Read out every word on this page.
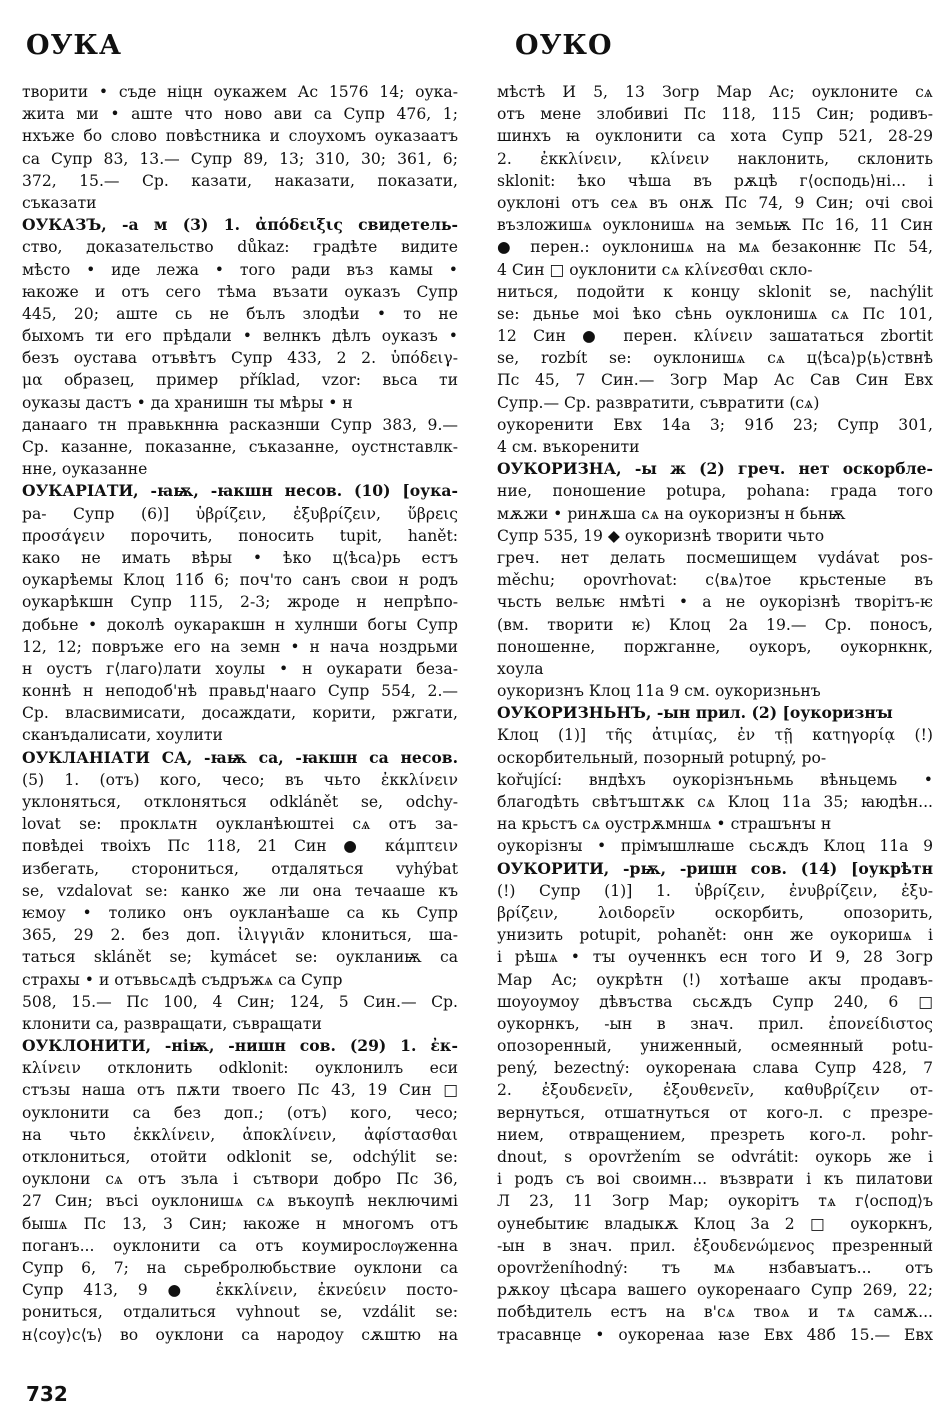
ОУКА	ОУКО
творити • съде ніцн оукажем Ас 1576 14; оука-
жита ми • аште что ново ави са Супр 476, 1;
нхъже бо слово повѣстника и слоухомъ оуказаатъ
са Супр 83, 13.— Супр 89, 13; 310, 30; 361, 6;
372, 15.— Ср. казати, наказати, показати,
съказати
ОУКАЗЪ, -а м (3) 1. ἀπόδειξις свидетель-
ство, доказательство důkaz: градѣте видите
мѣсто • иде лежа • того ради въз камы •
ꙗкоже и отъ сего тѣма възати оуказъ Супр
445, 20; аште сь не бълъ злодѣи • то не
быхомъ ти его прѣдали • велнкъ дѣлъ оуказъ •
безъ оустава отъвѣтъ Супр 433, 2 2. ὑπόδειγ-
μα образец, пример příklad, vzor: вьса ти
оуказы дастъ • да хранишн ты мѣры • н
данааго тн правькннꙗ расказнши Супр 383, 9.—
Ср. казанне, показанне, съказанне, оустнставлк-
нне, оуказанне
ОУКАРІАТИ, -ꙗѭ, -ꙗкшн несов. (10) [оука-
ра- Супр (6)] ὑβρίζειν, ἐξυβρίζειν, ὕβρεις
προσάγειν порочить, поносить tupit, hanět:
како не имать вѣры • ѣко ц⟨ѣса⟩рь естъ
оукарѣемы Клоц 11б 6; поч'то санъ свои н родъ
оукарѣкшн Супр 115, 2-3; жроде н непрѣпо-
добьне • доколѣ оукаракшн н хулнши богы Супр
12, 12; повръже его на земн • н нача ноздрьми
н оустъ г⟨лаго⟩лати хоулы • н оукарати беза-
коннѣ н неподоб'нѣ правьд'нааго Супр 554, 2.—
Ср. власвимисати, досаждати, корити, ржгати,
сканъдалисати, хоулити
ОУКЛАНІАТИ СА, -ꙗѭ са, -ꙗкшн са несов.
(5) 1. (отъ) кого, чесо; въ чьто ἐκκλίνειν
уклоняться, отклоняться odklánět se, odchy-
lovat se: проклѧтн оукланѣюштеі сѧ отъ за-
повѣдеі твоіхъ Пс 118, 21 Син ● κάμπτειν
избегать, сторониться, отдаляться vyhýbat
se, vzdalovat se: канко же ли она течааше къ
ѥмоу • толико онъ оукланѣаше са кь Супр
365, 29 2. без доп. ἰλιγγιᾶν клониться, ша-
таться sklánět se; kymácet se: оукланиѭ са
страхы • и отъвьсѧдѣ съдръжѧ са Супр
508, 15.— Пс 100, 4 Син; 124, 5 Син.— Ср.
клонити са, развращати, съвращати
ОУКЛОНИТИ, -ніѭ, -нишн сов. (29) 1. ἐκ-
κλίνειν отклонить odklonit: оуклонилъ еси
стъзы наша отъ пѫти твоего Пс 43, 19 Син □
оуклонити са без доп.; (отъ) кого, чесо;
на чьто ἐκκλίνειν, ἀποκλίνειν, ἀφίστασθαι
отклониться, отойти odklonit se, odchýlit se:
оуклони сѧ отъ зъла і сътвори добро Пс 36,
27 Син; въсі оуклонишѧ сѧ въкоупѣ неключимі
бышѧ Пс 13, 3 Син; ꙗкоже н многомъ отъ
поганъ... оуклонити са отъ коумирослѹженна
Супр 6, 7; на сьребролюбьствие оуклони са
Супр 413, 9 ● ἐκκλίνειν, ἐκνεύειν посто-
рониться, отдалиться vyhnout se, vzdálit se:
н⟨соу⟩с⟨ъ⟩ во оуклони са народоу сѫштю на
мѣстѣ И 5, 13 Зогр Мар Ас; оуклоните сѧ
отъ мене злобивиі Пс 118, 115 Син; родивъ-
шинхъ ꙗ оуклонити са хота Супр 521, 28-29
2. ἐκκλίνειν, κλίνειν наклонить, склонить
sklonit: ѣко чѣша въ рѫцѣ г⟨осподь⟩ні... і
оуклоні отъ сеѧ въ онѫ Пс 74, 9 Син; очі своі
възложишѧ оуклонишѧ на земьѭ Пс 16, 11 Син
● перен.: оуклонишѧ на мѧ безаконнѥ Пс 54,
4 Син □ оуклонити сѧ κλίνεσθαι скло-
ниться, подойти к концу sklonit se, nachýlit
se: дьнье моі ѣко сѣнь оуклонишѧ сѧ Пс 101,
12 Син ● перен. κλίνειν зашататься zbortit
se, rozbít se: оуклонишѧ сѧ ц⟨ѣса⟩р⟨ь⟩ствнѣ
Пс 45, 7 Син.— Зогр Мар Ас Сав Син Евх
Супр.— Ср. развратити, съвратити (сѧ)
оукоренити Евх 14а 3; 91б 23; Супр 301,
4 см. въкоренити
ОУКОРИЗНА, -ы ж (2) греч. нет оскорбле-
ние, поношение potupa, pohana: града того
мѫжи • ринѫша сѧ на оукоризнꙑ н бьнѭ
Супр 535, 19 ◆ оукоризнѣ творити чьто
греч. нет делать посмешищем vydávat pos-
měchu; opovrhovat: с⟨вѧ⟩тое крьстеные въ
чьсть вельѥ нмѣті • а не оукорізнѣ творітъ-ѥ
(вм. творити ѥ) Клоц 2а 19.— Ср. поносъ,
поношенне, поржганне, оукоръ, оукорнкнк,
хоула
оукоризнъ Клоц 11а 9 см. оукоризньнъ
ОУКОРИЗНЬНЪ, -ын прил. (2) [оукоризнꙑ
Клоц (1)] τῆς ἀτιμίας, ἐν τῇ κατηγορίᾳ (!)
оскорбительный, позорный potupný, po-
kořující: вндѣхъ оукорізнъньмь вѣньцемь •
благодѣть свѣтъштѫк сѧ Клоц 11а 35; ꙗюдѣн...
на крьстъ сѧ оустрѫмншѧ • страшънꙑ н
оукорізнꙑ • прімꙑшлꙗше сьсѫдъ Клоц 11а 9
ОУКОРИТИ, -рѭ, -ришн сов. (14) [оукрѣтн
(!) Супр (1)] 1. ὑβρίζειν, ἐνυβρίζειν, ἐξυ-
βρίζειν, λοιδορεῖν оскорбить, опозорить,
унизить potupit, pohanět: онн же оукоришѧ і
і рѣшѧ • тꙑ оученнкъ есн того И 9, 28 Зогр
Мар Ас; оукрѣтн (!) хотѣаше акꙑ продавъ-
шоуоумоу дѣвъства сьсѫдъ Супр 240, 6 □
оукорнкъ, -ын в знач. прил. ἐπονείδιστος
опозоренный, униженный, осмеянный potu-
pený, bezectný: оукоренаꙗ слава Супр 428, 7
2. ἐξουδενεῖν, ἐξουθενεῖν, καθυβρίζειν от-
вернуться, отшатнуться от кого-л. с презре-
нием, отвращением, презреть кого-л. pohr-
dnout, s opovržením se odvrátit: оукорь же і
і родъ съ воі своимн... възврати і къ пилатови
Л 23, 11 Зогр Мар; оукорітъ тѧ г⟨оспод⟩ъ
оунебытиѥ владыкѫ Клоц 3а 2 □ оукоркнъ,
-ын в знач. прил. ἐξουδενώμενος презренный
opovrženíhodný: тъ мѧ нзбавꙑатъ... отъ
рѫкоу цѣсара вашего оукоренааго Супр 269, 22;
побѣдитель естъ на в'сѧ твоѧ и тѧ самѫ...
трасавнце • оукоренаа ꙗзе Евх 48б 15.— Евх
732
